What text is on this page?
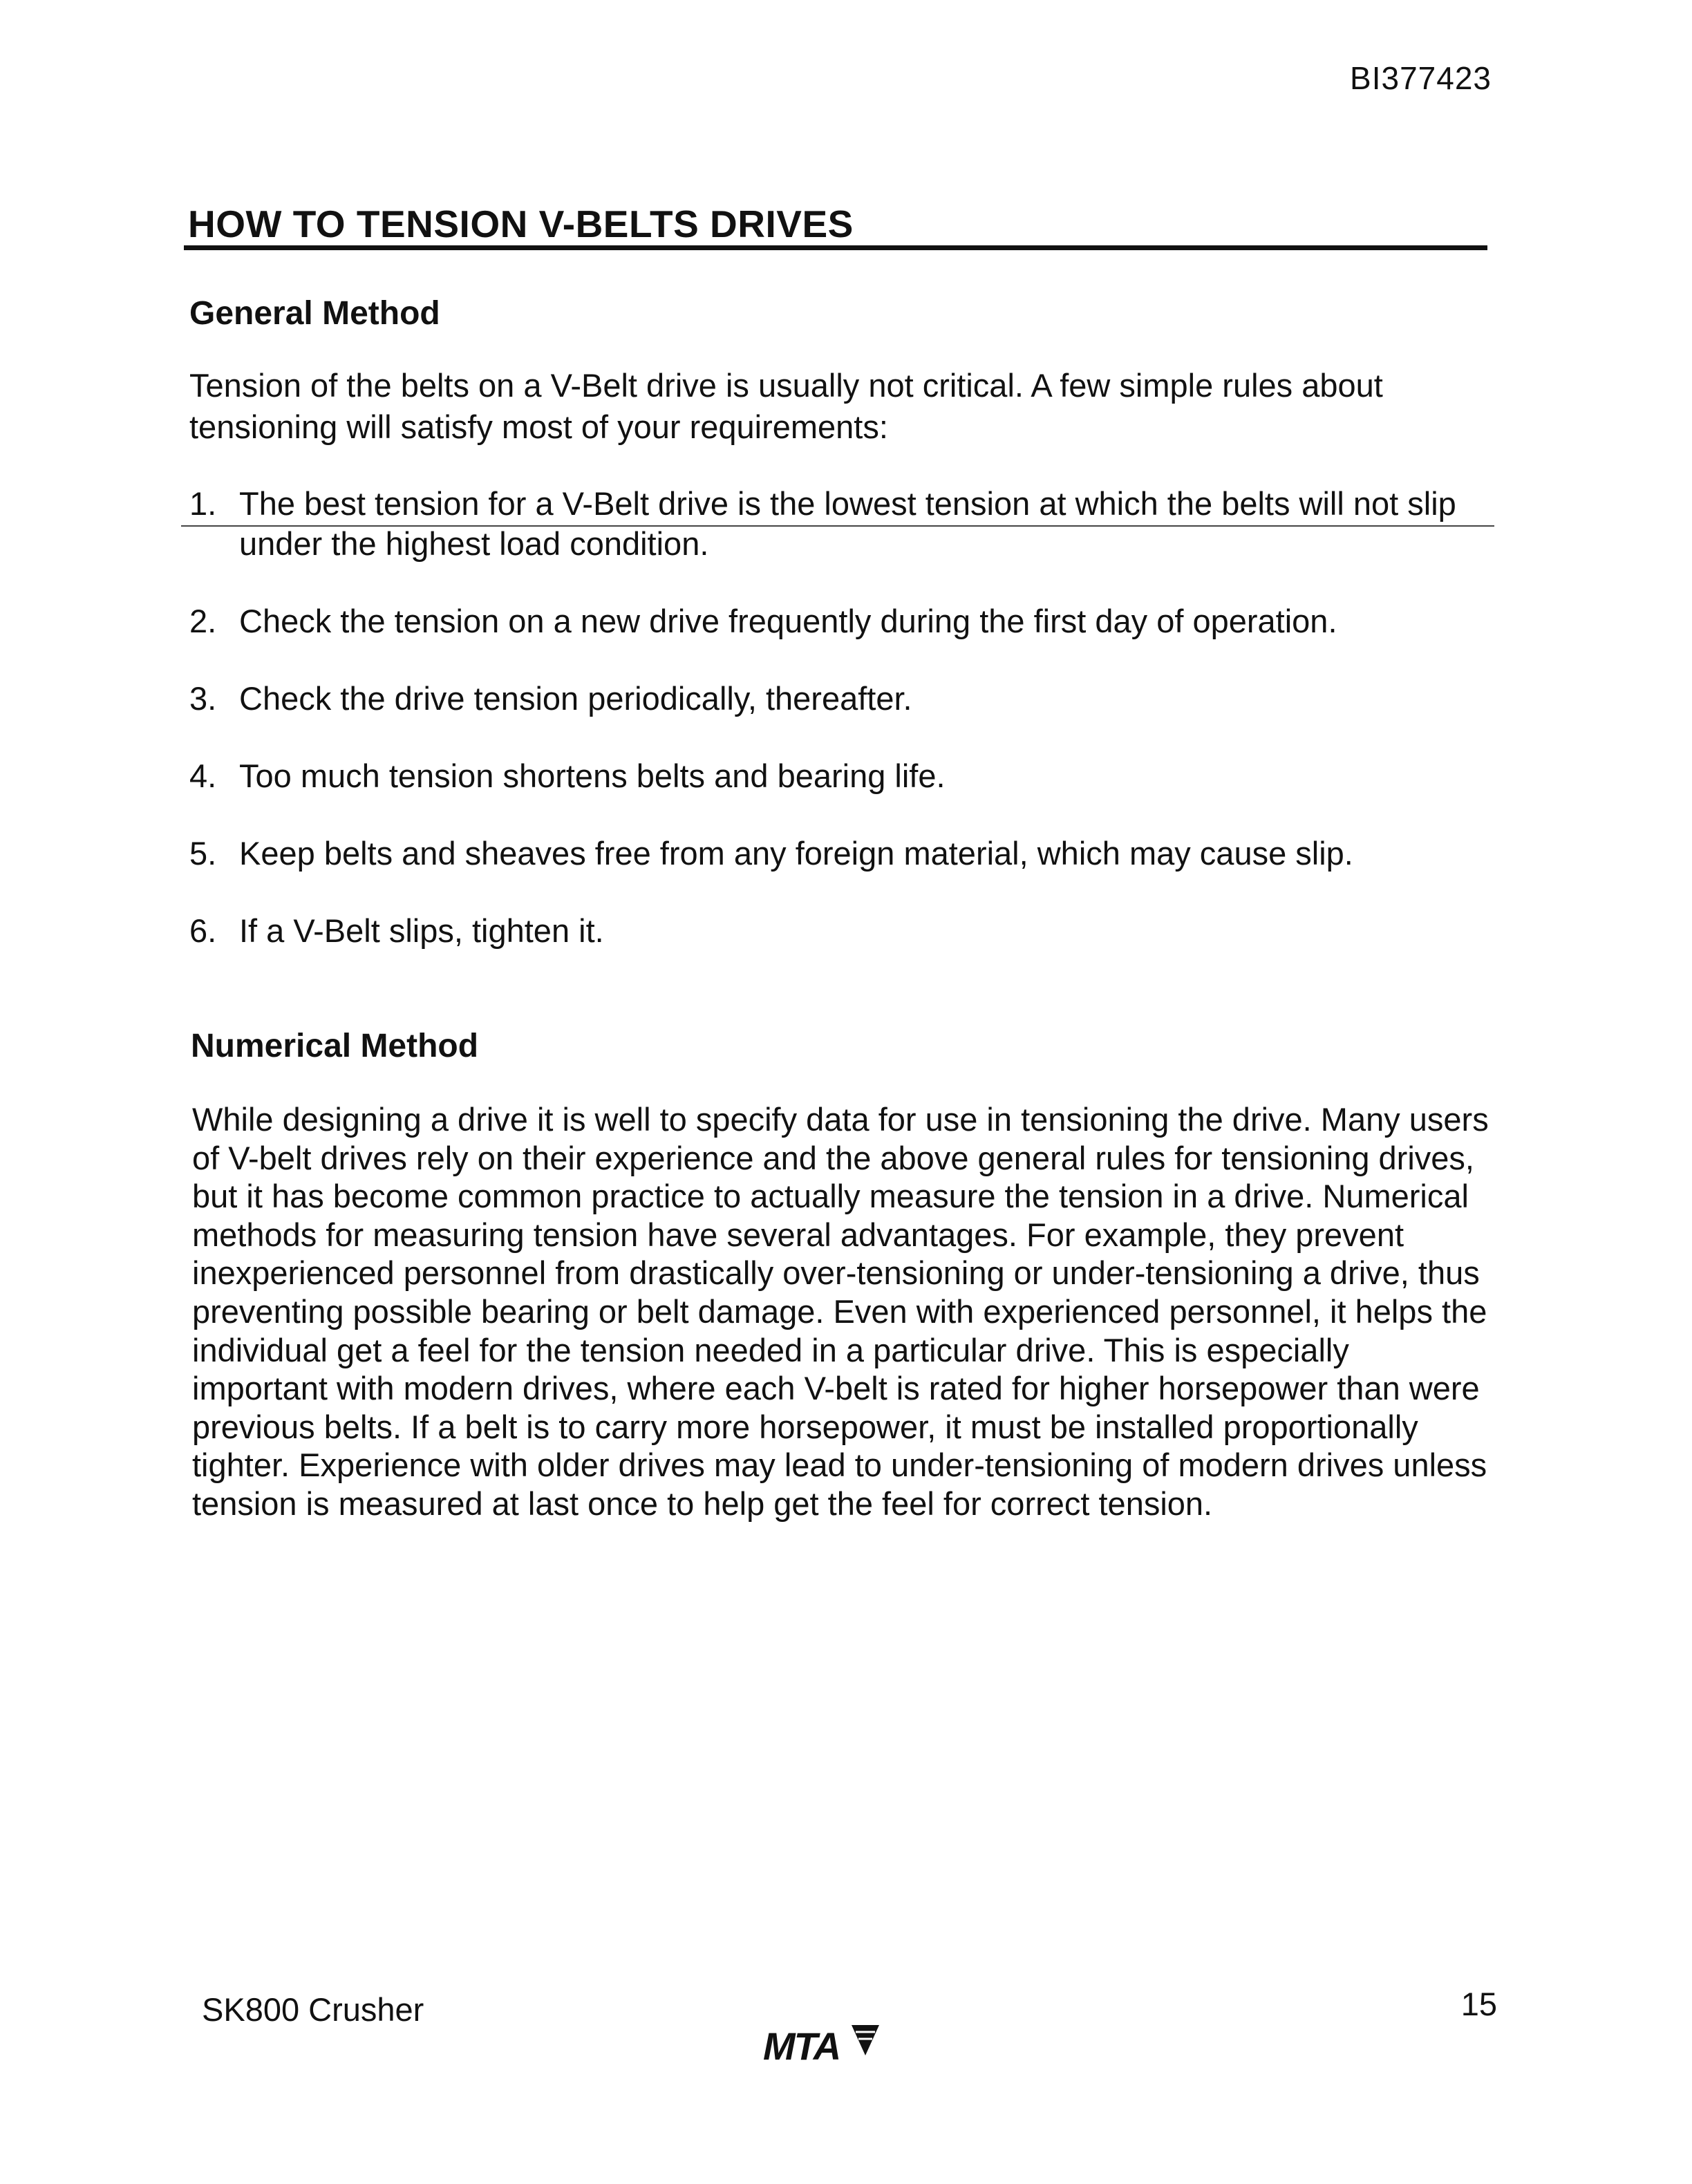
BI377423
HOW TO TENSION V-BELTS DRIVES
General Method
Tension of the belts on a V-Belt drive is usually not critical. A few simple rules about tensioning will satisfy most of your requirements:
1. The best tension for a V-Belt drive is the lowest tension at which the belts will not slip under the highest load condition.
2. Check the tension on a new drive frequently during the first day of operation.
3. Check the drive tension periodically, thereafter.
4. Too much tension shortens belts and bearing life.
5. Keep belts and sheaves free from any foreign material, which may cause slip.
6. If a V-Belt slips, tighten it.
Numerical Method
While designing a drive it is well to specify data for use in tensioning the drive. Many users of V-belt drives rely on their experience and the above general rules for tensioning drives, but it has become common practice to actually measure the tension in a drive. Numerical methods for measuring tension have several advantages. For example, they prevent inexperienced personnel from drastically over-tensioning or under-tensioning a drive, thus preventing possible bearing or belt damage. Even with experienced personnel, it helps the individual get a feel for the tension needed in a particular drive. This is especially important with modern drives, where each V-belt is rated for higher horsepower than were previous belts. If a belt is to carry more horsepower, it must be installed proportionally tighter. Experience with older drives may lead to under-tensioning of modern drives unless tension is measured at last once to help get the feel for correct tension.
SK800 Crusher	15
MTA
